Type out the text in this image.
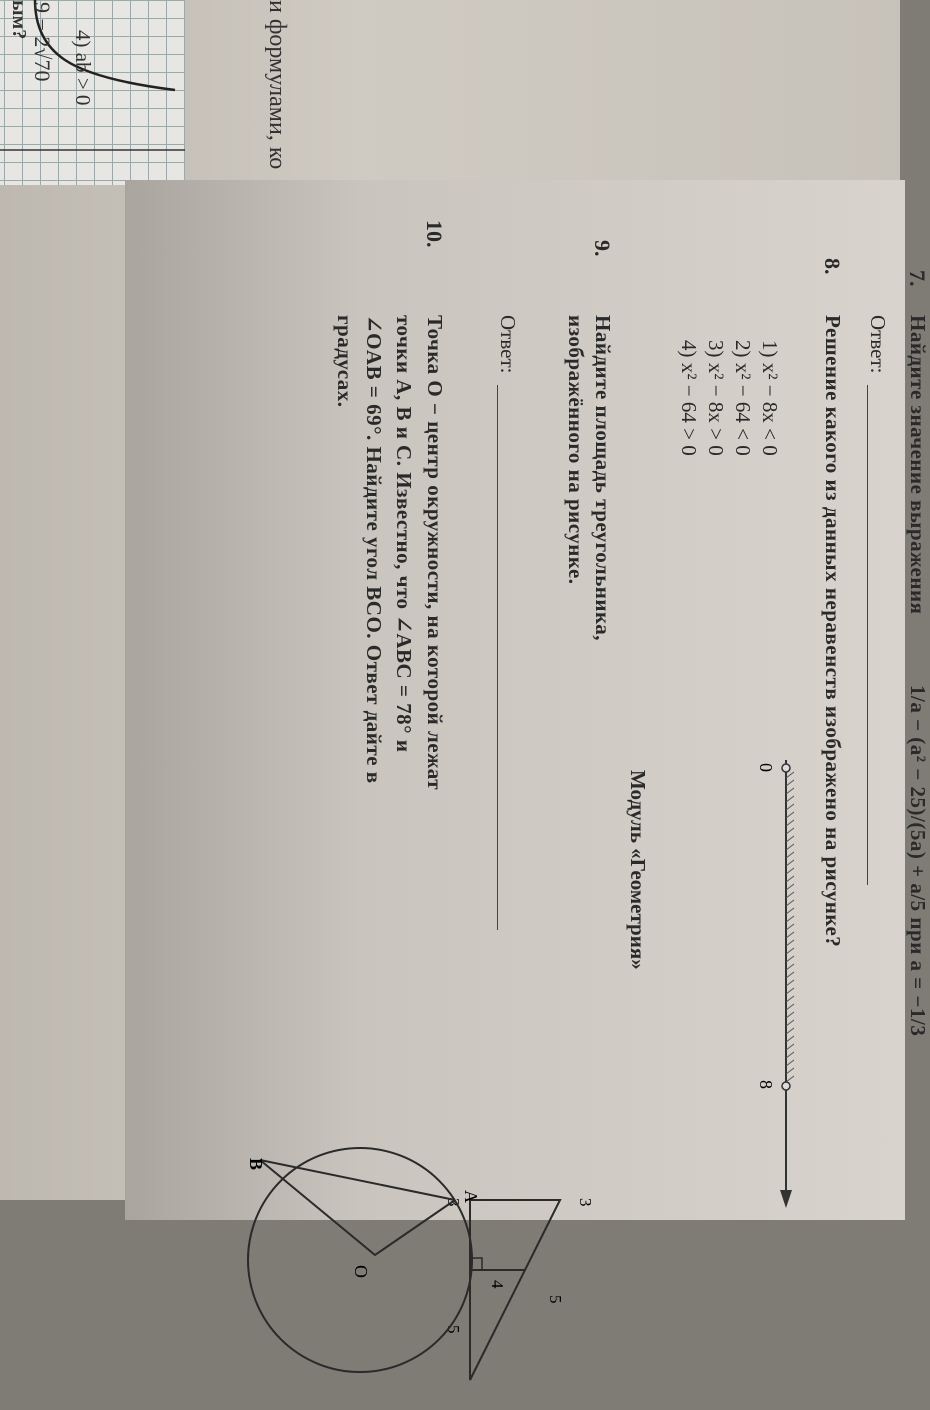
и формулами, ко
9 − 2√70
ым?
4) ab > 0
7.
Найдите значение выражения
1/a − (a² − 25)/(5a) + a/5 при a = −1/3
Ответ:
8.
Решение какого из данных неравенств изображено на рисунке?
1) x² − 8x < 0
2) x² − 64 < 0
3) x² − 8x > 0
4) x² − 64 > 0
0
8
Модуль «Геометрия»
9.
Найдите площадь треугольника,
изображённого на рисунке.
3
3
5
5
4
Ответ:
10.
Точка O − центр окружности, на которой лежат
точки A, B и C. Известно, что ∠ABC = 78° и
∠OAB = 69°. Найдите угол BCO. Ответ дайте в
градусах.
A
B
O
